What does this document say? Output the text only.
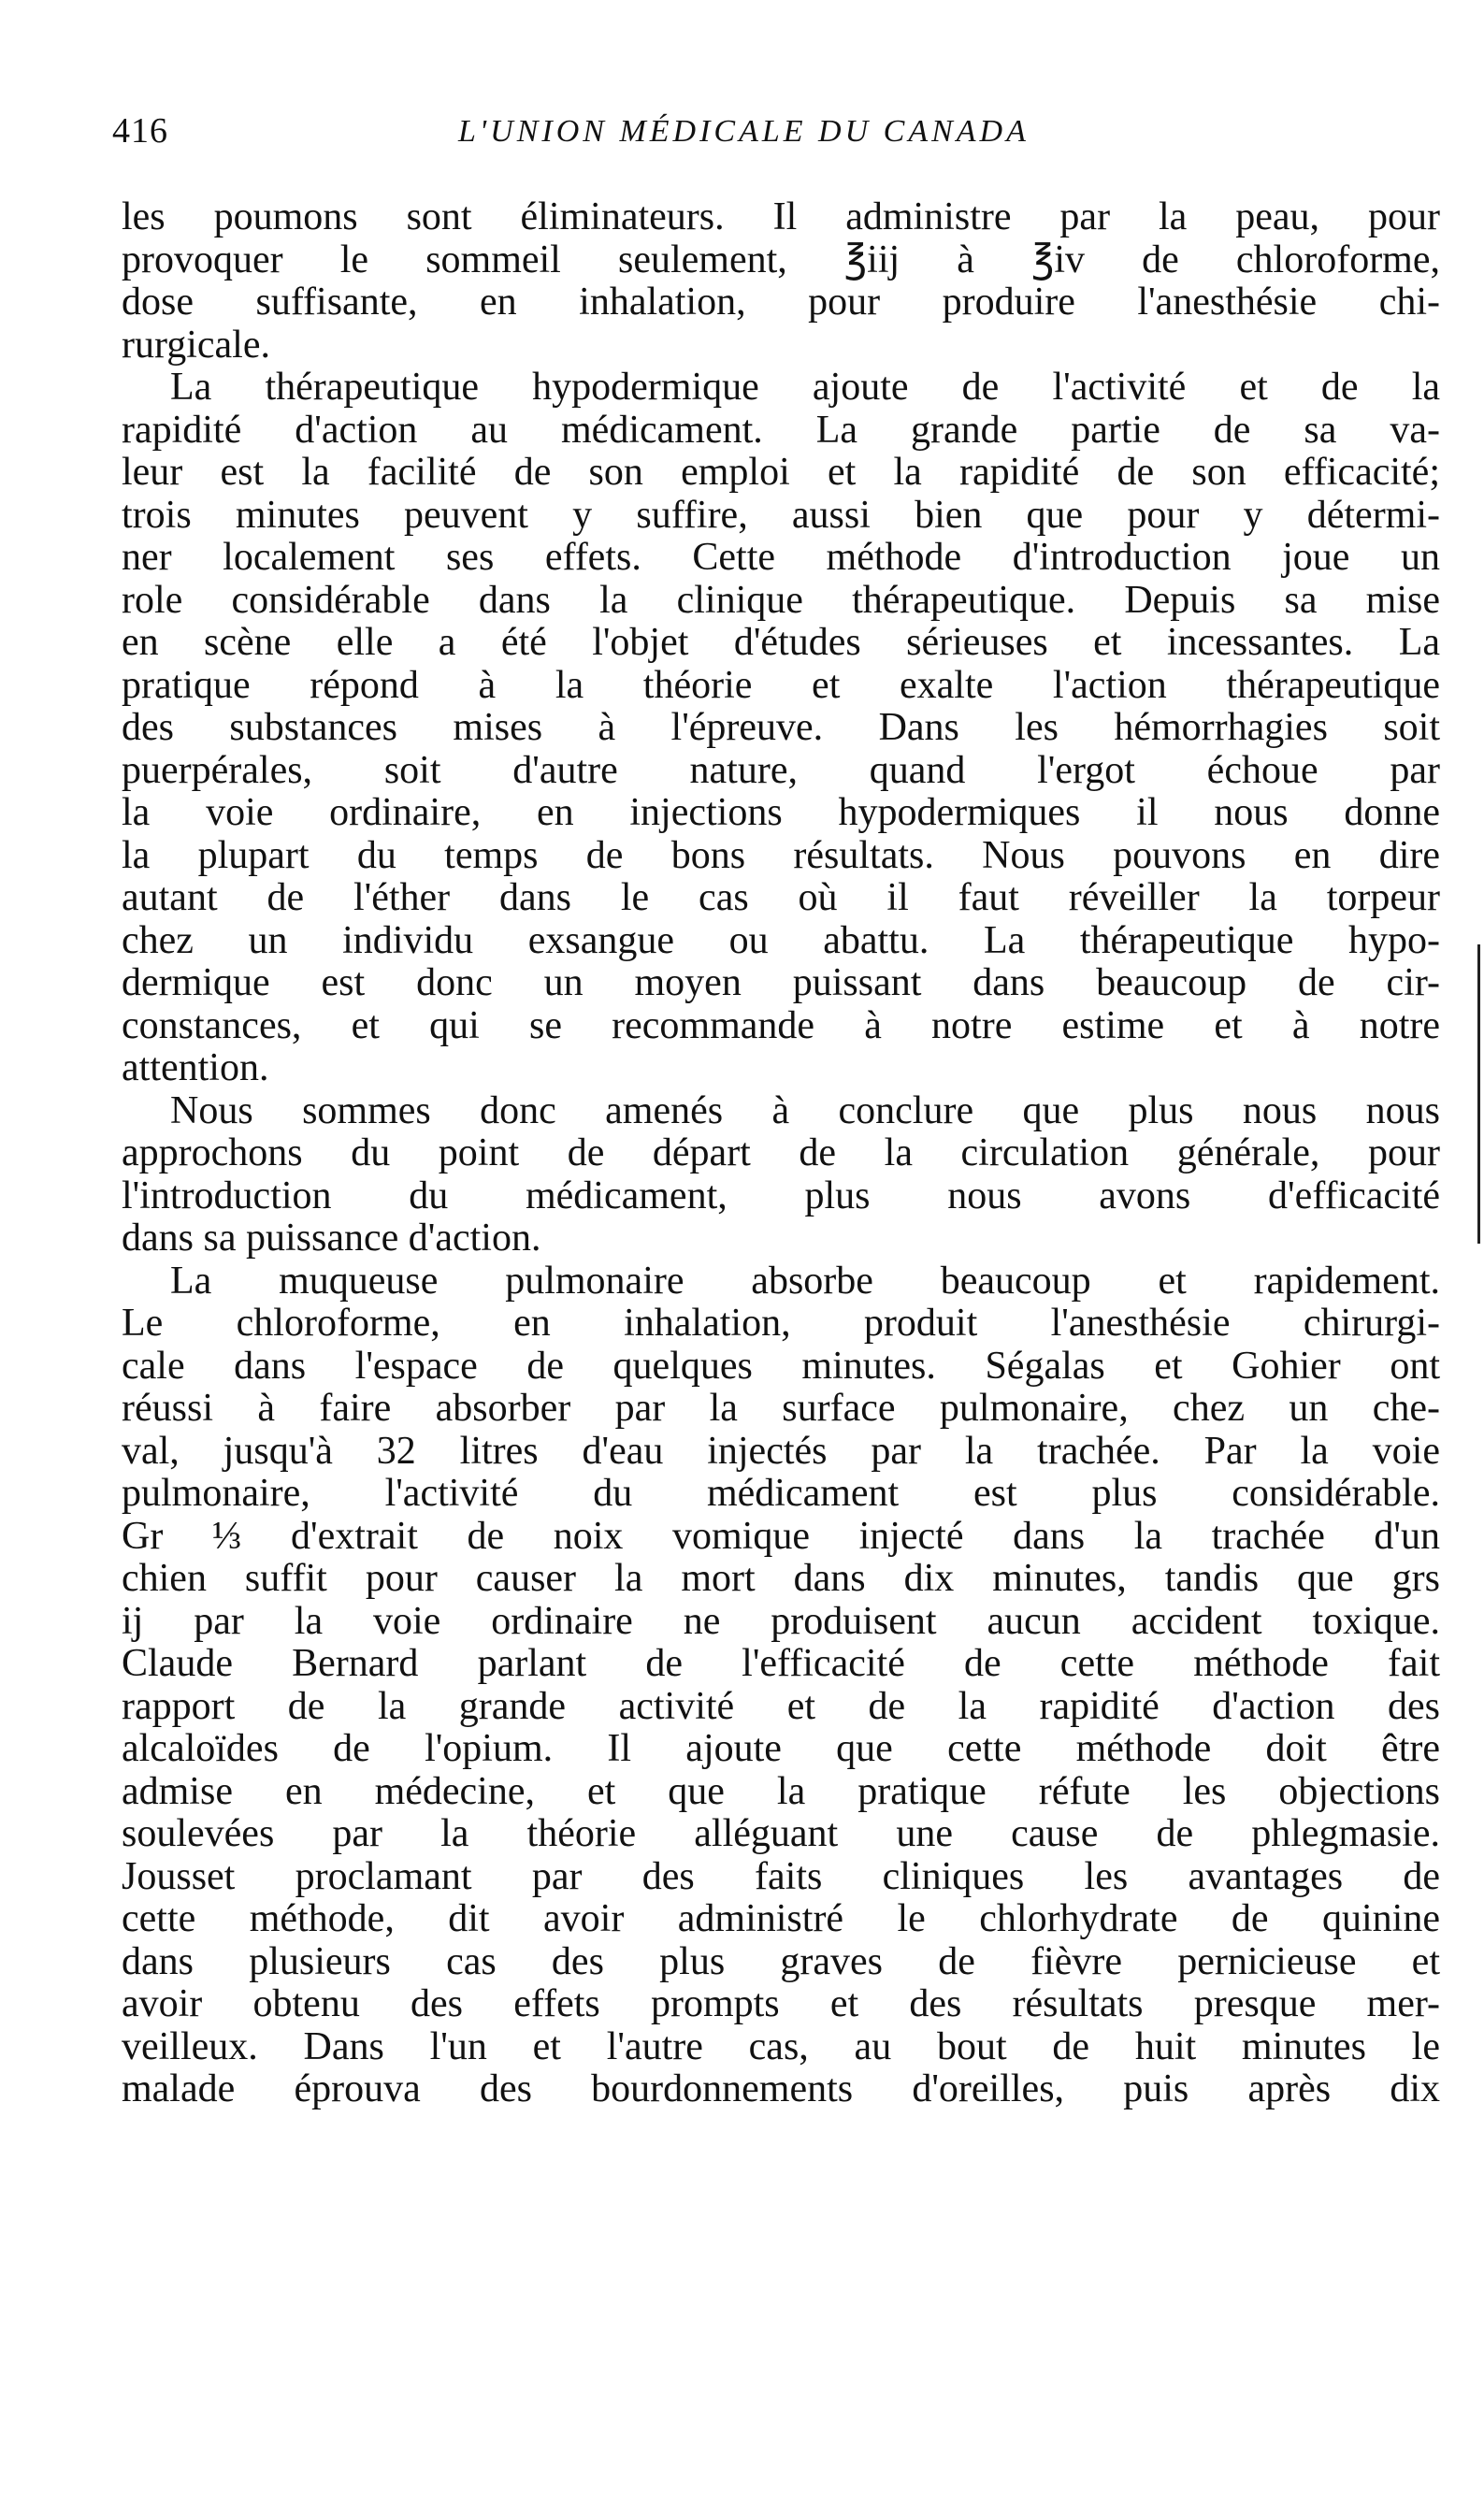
416	L'UNION MÉDICALE DU CANADA
les poumons sont éliminateurs. Il administre par la peau, pour
provoquer le sommeil seulement, ℥iij à ℥iv de chloroforme,
dose suffisante, en inhalation, pour produire l'anesthésie chi-
rurgicale.
La thérapeutique hypodermique ajoute de l'activité et de la
rapidité d'action au médicament. La grande partie de sa va-
leur est la facilité de son emploi et la rapidité de son efficacité;
trois minutes peuvent y suffire, aussi bien que pour y détermi-
ner localement ses effets. Cette méthode d'introduction joue un
role considérable dans la clinique thérapeutique. Depuis sa mise
en scène elle a été l'objet d'études sérieuses et incessantes. La
pratique répond à la théorie et exalte l'action thérapeutique
des substances mises à l'épreuve. Dans les hémorrhagies soit
puerpérales, soit d'autre nature, quand l'ergot échoue par
la voie ordinaire, en injections hypodermiques il nous donne
la plupart du temps de bons résultats. Nous pouvons en dire
autant de l'éther dans le cas où il faut réveiller la torpeur
chez un individu exsangue ou abattu. La thérapeutique hypo-
dermique est donc un moyen puissant dans beaucoup de cir-
constances, et qui se recommande à notre estime et à notre
attention.
Nous sommes donc amenés à conclure que plus nous nous
approchons du point de départ de la circulation générale, pour
l'introduction du médicament, plus nous avons d'efficacité
dans sa puissance d'action.
La muqueuse pulmonaire absorbe beaucoup et rapidement.
Le chloroforme, en inhalation, produit l'anesthésie chirurgi-
cale dans l'espace de quelques minutes. Ségalas et Gohier ont
réussi à faire absorber par la surface pulmonaire, chez un che-
val, jusqu'à 32 litres d'eau injectés par la trachée. Par la voie
pulmonaire, l'activité du médicament est plus considérable.
Gr ⅓ d'extrait de noix vomique injecté dans la trachée d'un
chien suffit pour causer la mort dans dix minutes, tandis que grs
ij par la voie ordinaire ne produisent aucun accident toxique.
Claude Bernard parlant de l'efficacité de cette méthode fait
rapport de la grande activité et de la rapidité d'action des
alcaloïdes de l'opium. Il ajoute que cette méthode doit être
admise en médecine, et que la pratique réfute les objections
soulevées par la théorie alléguant une cause de phlegmasie.
Jousset proclamant par des faits cliniques les avantages de
cette méthode, dit avoir administré le chlorhydrate de quinine
dans plusieurs cas des plus graves de fièvre pernicieuse et
avoir obtenu des effets prompts et des résultats presque mer-
veilleux. Dans l'un et l'autre cas, au bout de huit minutes le
malade éprouva des bourdonnements d'oreilles, puis après dix
